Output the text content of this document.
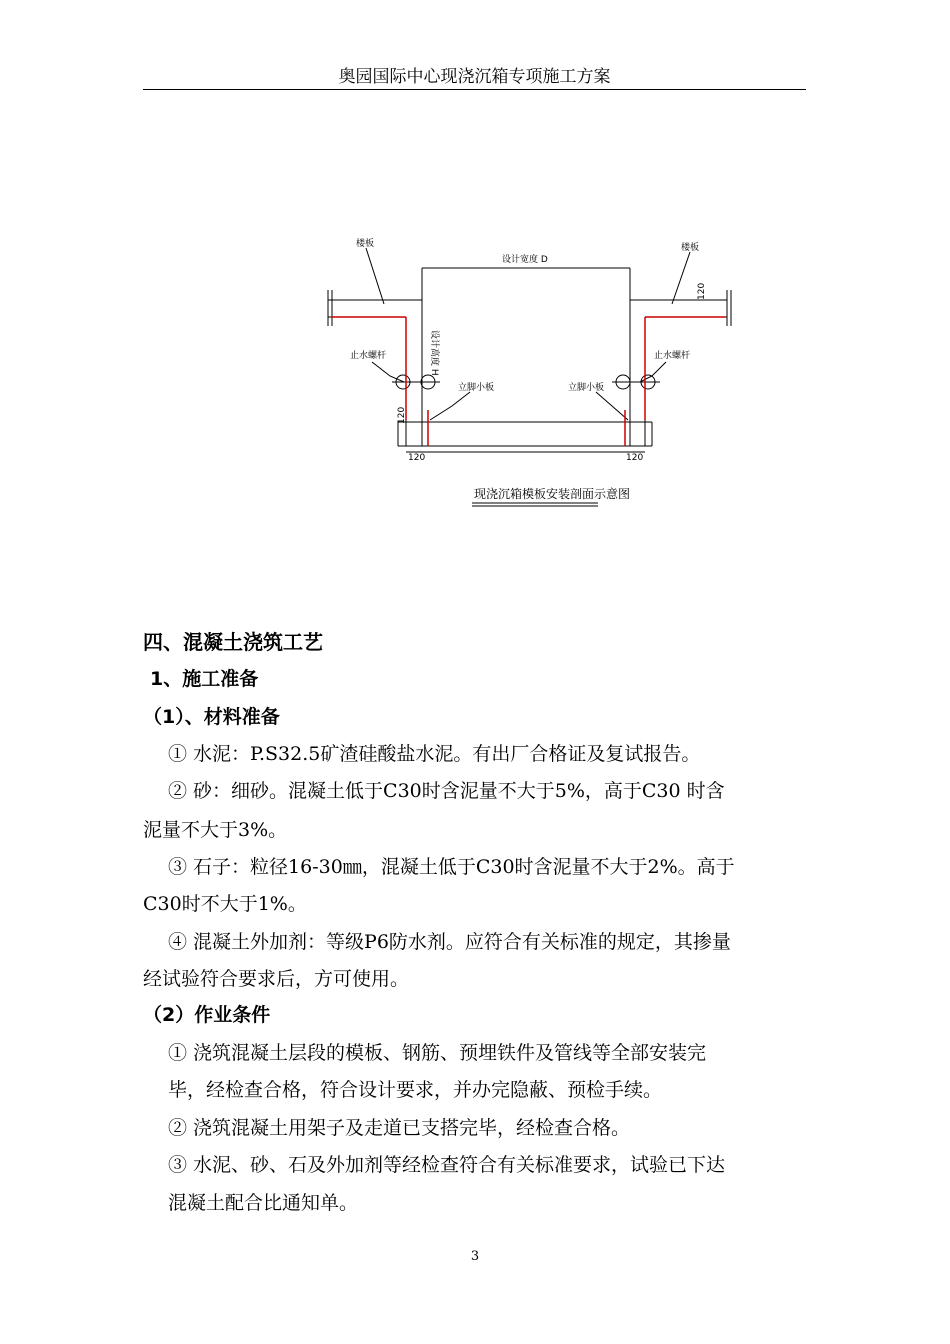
奥园国际中心现浇沉箱专项施工方案
楼板	楼板
设计宽度 D
设计高度 H
止水螺杆	止水螺杆
立脚小板	立脚小板
120
120
120	120
现浇沉箱模板安装剖面示意图
四、混凝土浇筑工艺
1、施工准备
（1）、材料准备
① 水泥：P.S32.5矿渣硅酸盐水泥。有出厂合格证及复试报告。
② 砂：细砂。混凝土低于C30时含泥量不大于5%，高于C30 时含
泥量不大于3%。
③ 石子：粒径16-30㎜，混凝土低于C30时含泥量不大于2%。高于
C30时不大于1%。
④ 混凝土外加剂：等级P6防水剂。应符合有关标准的规定，其掺量
经试验符合要求后，方可使用。
（2）作业条件
① 浇筑混凝土层段的模板、钢筋、预埋铁件及管线等全部安装完
毕，经检查合格，符合设计要求，并办完隐蔽、预检手续。
② 浇筑混凝土用架子及走道已支搭完毕，经检查合格。
③ 水泥、砂、石及外加剂等经检查符合有关标准要求，试验已下达
混凝土配合比通知单。
3
